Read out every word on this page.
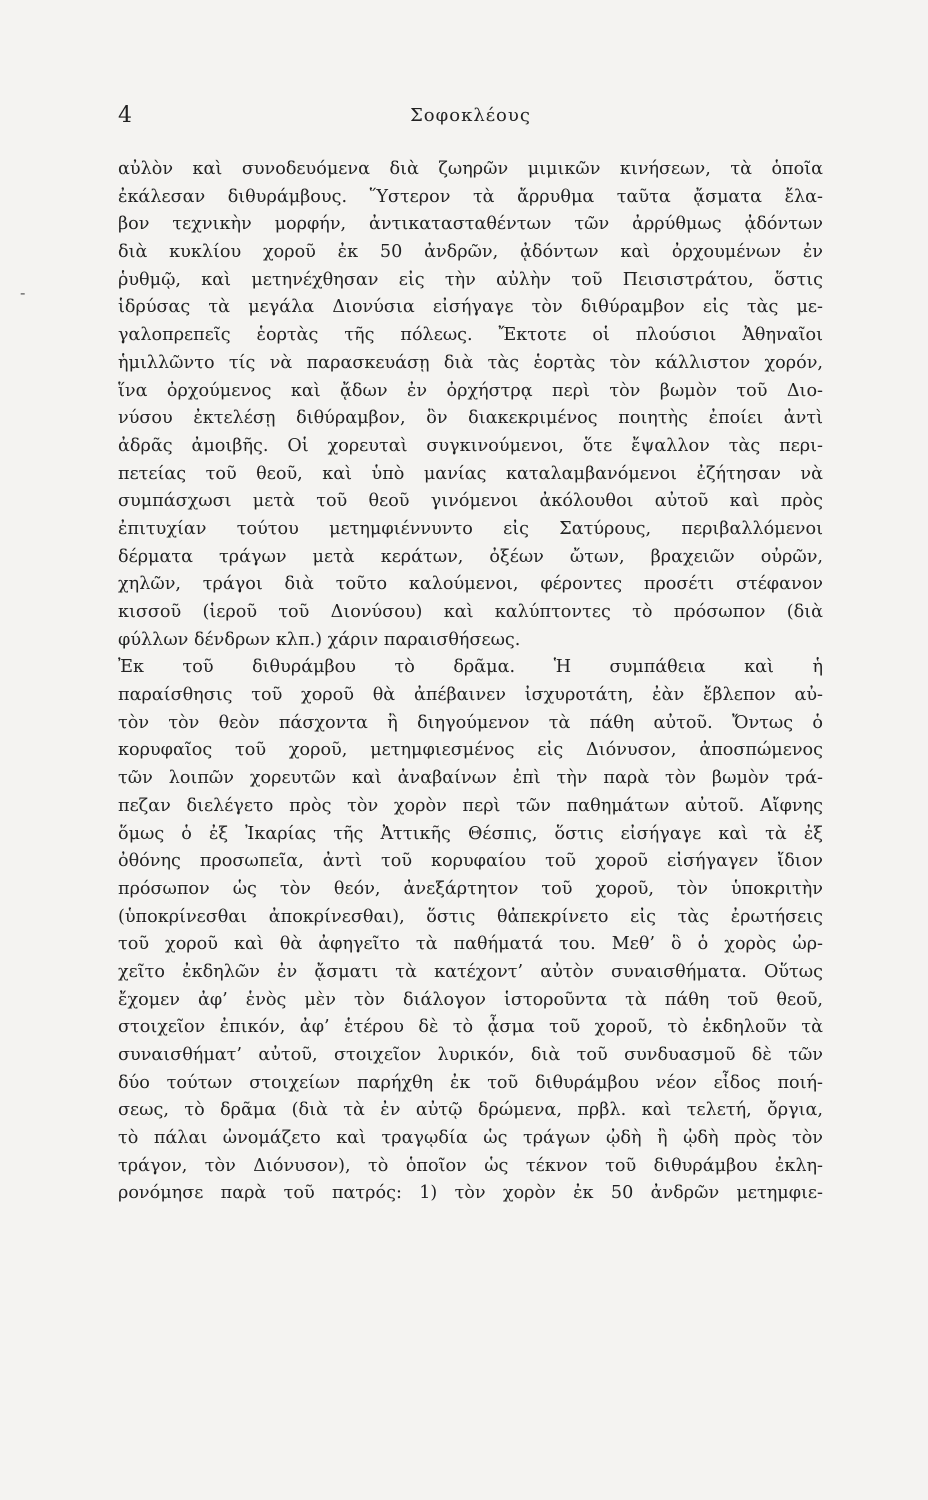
4	Σοφοκλέους
-
αὐλὸν καὶ συνοδευόμενα διὰ ζωηρῶν μιμικῶν κινήσεων, τὰ ὁποῖα
ἐκάλεσαν διθυράμβους. Ὕστερον τὰ ἄρρυθμα ταῦτα ᾄσματα ἔλα-
βον τεχνικὴν μορφήν, ἀντικατασταθέντων τῶν ἀρρύθμως ᾀδόντων
διὰ κυκλίου χοροῦ ἐκ 50 ἀνδρῶν, ᾀδόντων καὶ ὀρχουμένων ἐν
ῥυθμῷ, καὶ μετηνέχθησαν εἰς τὴν αὐλὴν τοῦ Πεισιστράτου, ὅστις
ἱδρύσας τὰ μεγάλα Διονύσια εἰσήγαγε τὸν διθύραμβον εἰς τὰς με-
γαλοπρεπεῖς ἑορτὰς τῆς πόλεως. Ἔκτοτε οἱ πλούσιοι Ἀθηναῖοι
ἡμιλλῶντο τίς νὰ παρασκευάσῃ διὰ τὰς ἑορτὰς τὸν κάλλιστον χορόν,
ἵνα ὀρχούμενος καὶ ᾄδων ἐν ὀρχήστρᾳ περὶ τὸν βωμὸν τοῦ Διο-
νύσου ἐκτελέσῃ διθύραμβον, ὃν διακεκριμένος ποιητὴς ἐποίει ἀντὶ
ἀδρᾶς ἀμοιβῆς. Οἱ χορευταὶ συγκινούμενοι, ὅτε ἔψαλλον τὰς περι-
πετείας τοῦ θεοῦ, καὶ ὑπὸ μανίας καταλαμβανόμενοι ἐζήτησαν νὰ
συμπάσχωσι μετὰ τοῦ θεοῦ γινόμενοι ἀκόλουθοι αὐτοῦ καὶ πρὸς
ἐπιτυχίαν τούτου μετημφιέννυντο εἰς Σατύρους, περιβαλλόμενοι
δέρματα τράγων μετὰ κεράτων, ὀξέων ὤτων, βραχειῶν οὐρῶν,
χηλῶν, τράγοι διὰ τοῦτο καλούμενοι, φέροντες προσέτι στέφανον
κισσοῦ (ἱεροῦ τοῦ Διονύσου) καὶ καλύπτοντες τὸ πρόσωπον (διὰ
φύλλων δένδρων κλπ.) χάριν παραισθήσεως.
Ἐκ τοῦ διθυράμβου τὸ δρᾶμα. Ἡ συμπάθεια καὶ ἡ
παραίσθησις τοῦ χοροῦ θὰ ἀπέβαινεν ἰσχυροτάτη, ἐὰν ἔβλεπον αὐ-
τὸν τὸν θεὸν πάσχοντα ἢ διηγούμενον τὰ πάθη αὐτοῦ. Ὄντως ὁ
κορυφαῖος τοῦ χοροῦ, μετημφιεσμένος εἰς Διόνυσον, ἀποσπώμενος
τῶν λοιπῶν χορευτῶν καὶ ἀναβαίνων ἐπὶ τὴν παρὰ τὸν βωμὸν τρά-
πεζαν διελέγετο πρὸς τὸν χορὸν περὶ τῶν παθημάτων αὐτοῦ. Αἴφνης
ὅμως ὁ ἐξ Ἰκαρίας τῆς Ἀττικῆς Θέσπις, ὅστις εἰσήγαγε καὶ τὰ ἐξ
ὀθόνης προσωπεῖα, ἀντὶ τοῦ κορυφαίου τοῦ χοροῦ εἰσήγαγεν ἴδιον
πρόσωπον ὡς τὸν θεόν, ἀνεξάρτητον τοῦ χοροῦ, τὸν ὑποκριτὴν
(ὑποκρίνεσθαι ἀποκρίνεσθαι), ὅστις θἀπεκρίνετο εἰς τὰς ἐρωτήσεις
τοῦ χοροῦ καὶ θὰ ἀφηγεῖτο τὰ παθήματά του. Μεθ’ ὃ ὁ χορὸς ὠρ-
χεῖτο ἐκδηλῶν ἐν ᾄσματι τὰ κατέχοντ’ αὐτὸν συναισθήματα. Οὕτως
ἔχομεν ἀφ’ ἑνὸς μὲν τὸν διάλογον ἱστοροῦντα τὰ πάθη τοῦ θεοῦ,
στοιχεῖον ἐπικόν, ἀφ’ ἑτέρου δὲ τὸ ᾆσμα τοῦ χοροῦ, τὸ ἐκδηλοῦν τὰ
συναισθήματ’ αὐτοῦ, στοιχεῖον λυρικόν, διὰ τοῦ συνδυασμοῦ δὲ τῶν
δύο τούτων στοιχείων παρήχθη ἐκ τοῦ διθυράμβου νέον εἶδος ποιή-
σεως, τὸ δρᾶμα (διὰ τὰ ἐν αὐτῷ δρώμενα, πρβλ. καὶ τελετή, ὄργια,
τὸ πάλαι ὠνομάζετο καὶ τραγῳδία ὡς τράγων ᾠδὴ ἢ ᾠδὴ πρὸς τὸν
τράγον, τὸν Διόνυσον), τὸ ὁποῖον ὡς τέκνον τοῦ διθυράμβου ἐκλη-
ρονόμησε παρὰ τοῦ πατρός: 1) τὸν χορὸν ἐκ 50 ἀνδρῶν μετημφιε-
